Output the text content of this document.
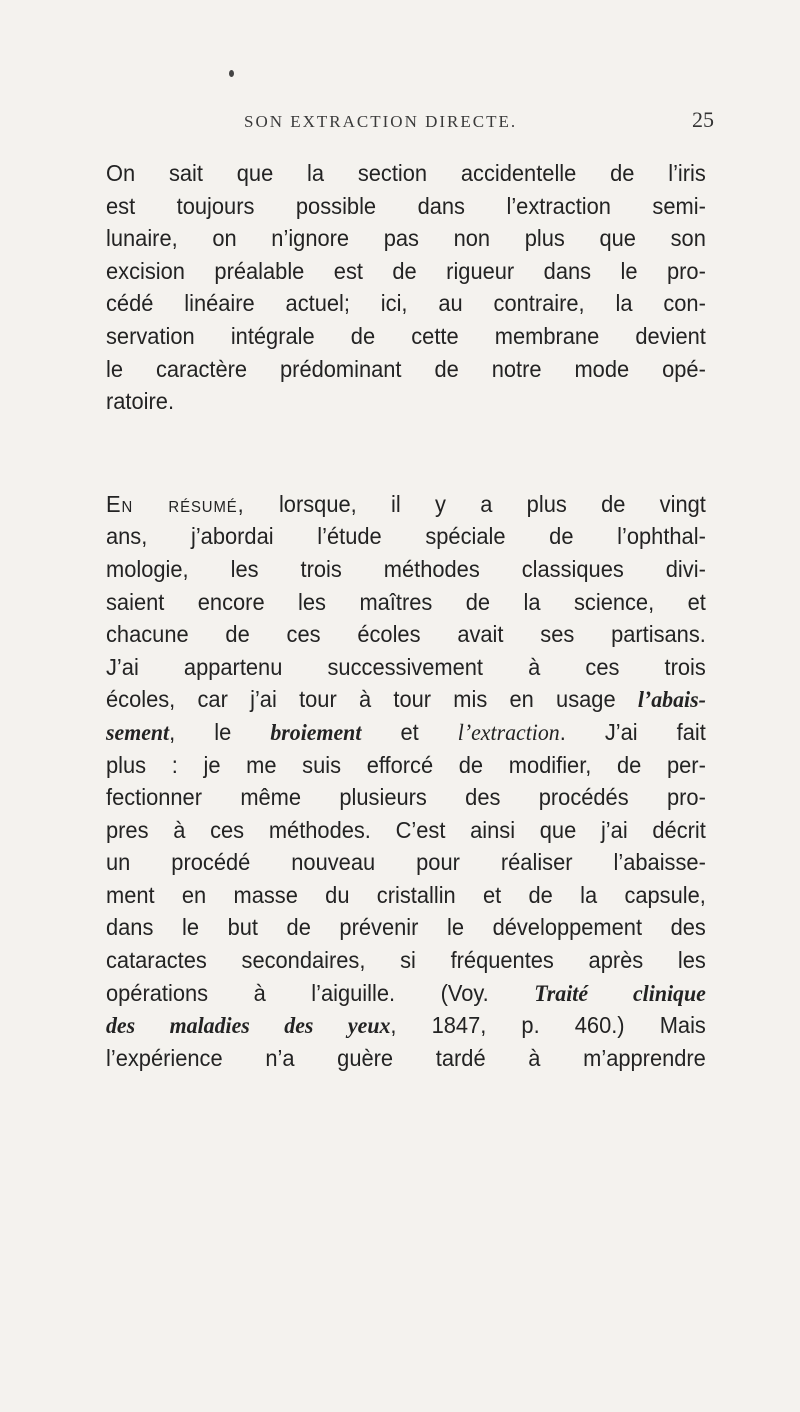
SON EXTRACTION DIRECTE.	25
On sait que la section accidentelle de l’iris
est toujours possible dans l’extraction semi-
lunaire, on n’ignore pas non plus que son
excision préalable est de rigueur dans le pro-
cédé linéaire actuel; ici, au contraire, la con-
servation intégrale de cette membrane devient
le caractère prédominant de notre mode opé-
ratoire.
En résumé, lorsque, il y a plus de vingt
ans, j’abordai l’étude spéciale de l’ophthal-
mologie, les trois méthodes classiques divi-
saient encore les maîtres de la science, et
chacune de ces écoles avait ses partisans.
J’ai appartenu successivement à ces trois
écoles, car j’ai tour à tour mis en usage l’abais-
sement, le broiement et l’extraction. J’ai fait
plus : je me suis efforcé de modifier, de per-
fectionner même plusieurs des procédés pro-
pres à ces méthodes. C’est ainsi que j’ai décrit
un procédé nouveau pour réaliser l’abaisse-
ment en masse du cristallin et de la capsule,
dans le but de prévenir le développement des
cataractes secondaires, si fréquentes après les
opérations à l’aiguille. (Voy. Traité clinique
des maladies des yeux, 1847, p. 460.) Mais
l’expérience n’a guère tardé à m’apprendre
